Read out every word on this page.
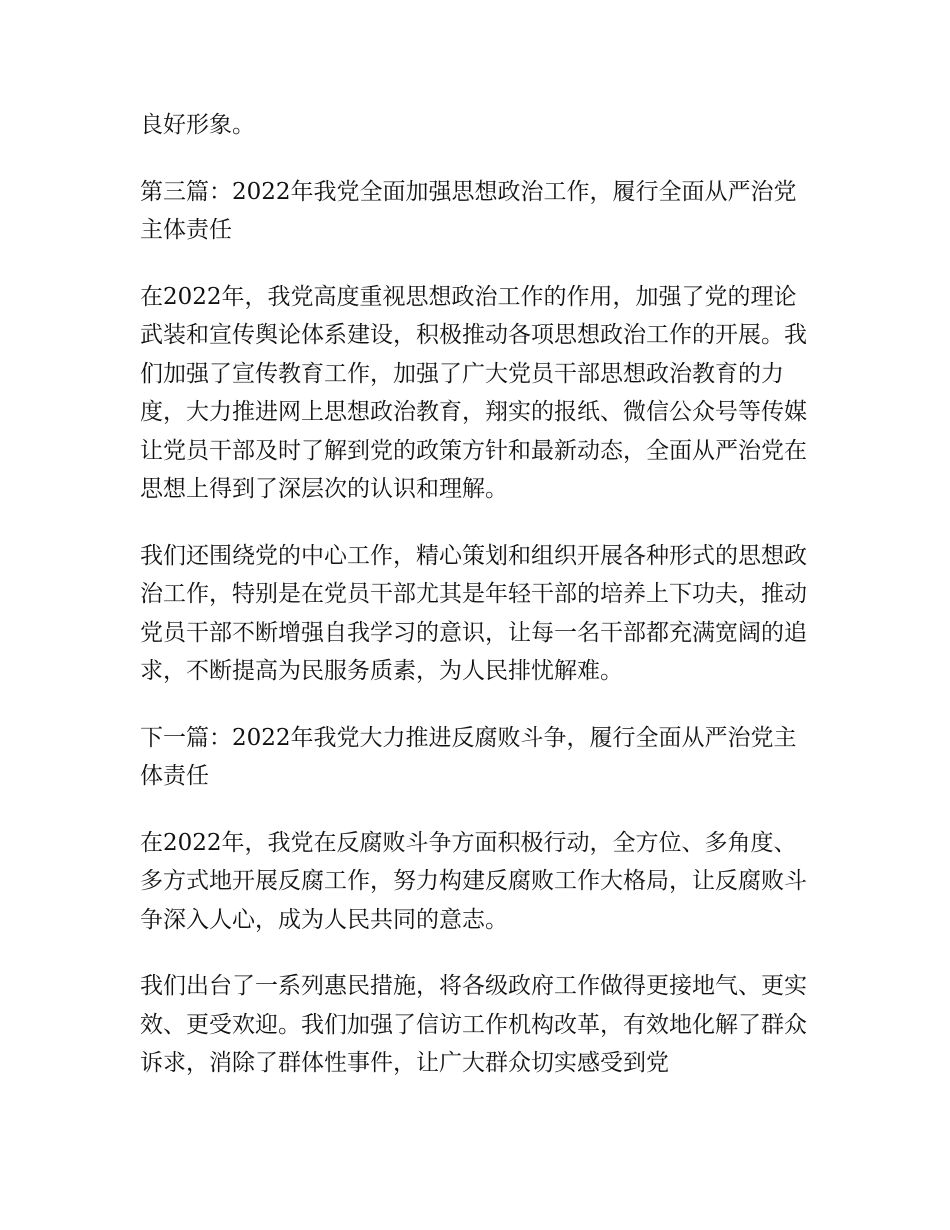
良好形象。

第三篇：2022年我党全面加强思想政治工作，履行全面从严治党主体责任

在2022年，我党高度重视思想政治工作的作用，加强了党的理论武装和宣传舆论体系建设，积极推动各项思想政治工作的开展。我们加强了宣传教育工作，加强了广大党员干部思想政治教育的力度，大力推进网上思想政治教育，翔实的报纸、微信公众号等传媒让党员干部及时了解到党的政策方针和最新动态，全面从严治党在思想上得到了深层次的认识和理解。

我们还围绕党的中心工作，精心策划和组织开展各种形式的思想政治工作，特别是在党员干部尤其是年轻干部的培养上下功夫，推动党员干部不断增强自我学习的意识，让每一名干部都充满宽阔的追求，不断提高为民服务质素，为人民排忧解难。

下一篇：2022年我党大力推进反腐败斗争，履行全面从严治党主体责任

在2022年，我党在反腐败斗争方面积极行动，全方位、多角度、多方式地开展反腐工作，努力构建反腐败工作大格局，让反腐败斗争深入人心，成为人民共同的意志。

我们出台了一系列惠民措施，将各级政府工作做得更接地气、更实效、更受欢迎。我们加强了信访工作机构改革，有效地化解了群众诉求，消除了群体性事件，让广大群众切实感受到党
